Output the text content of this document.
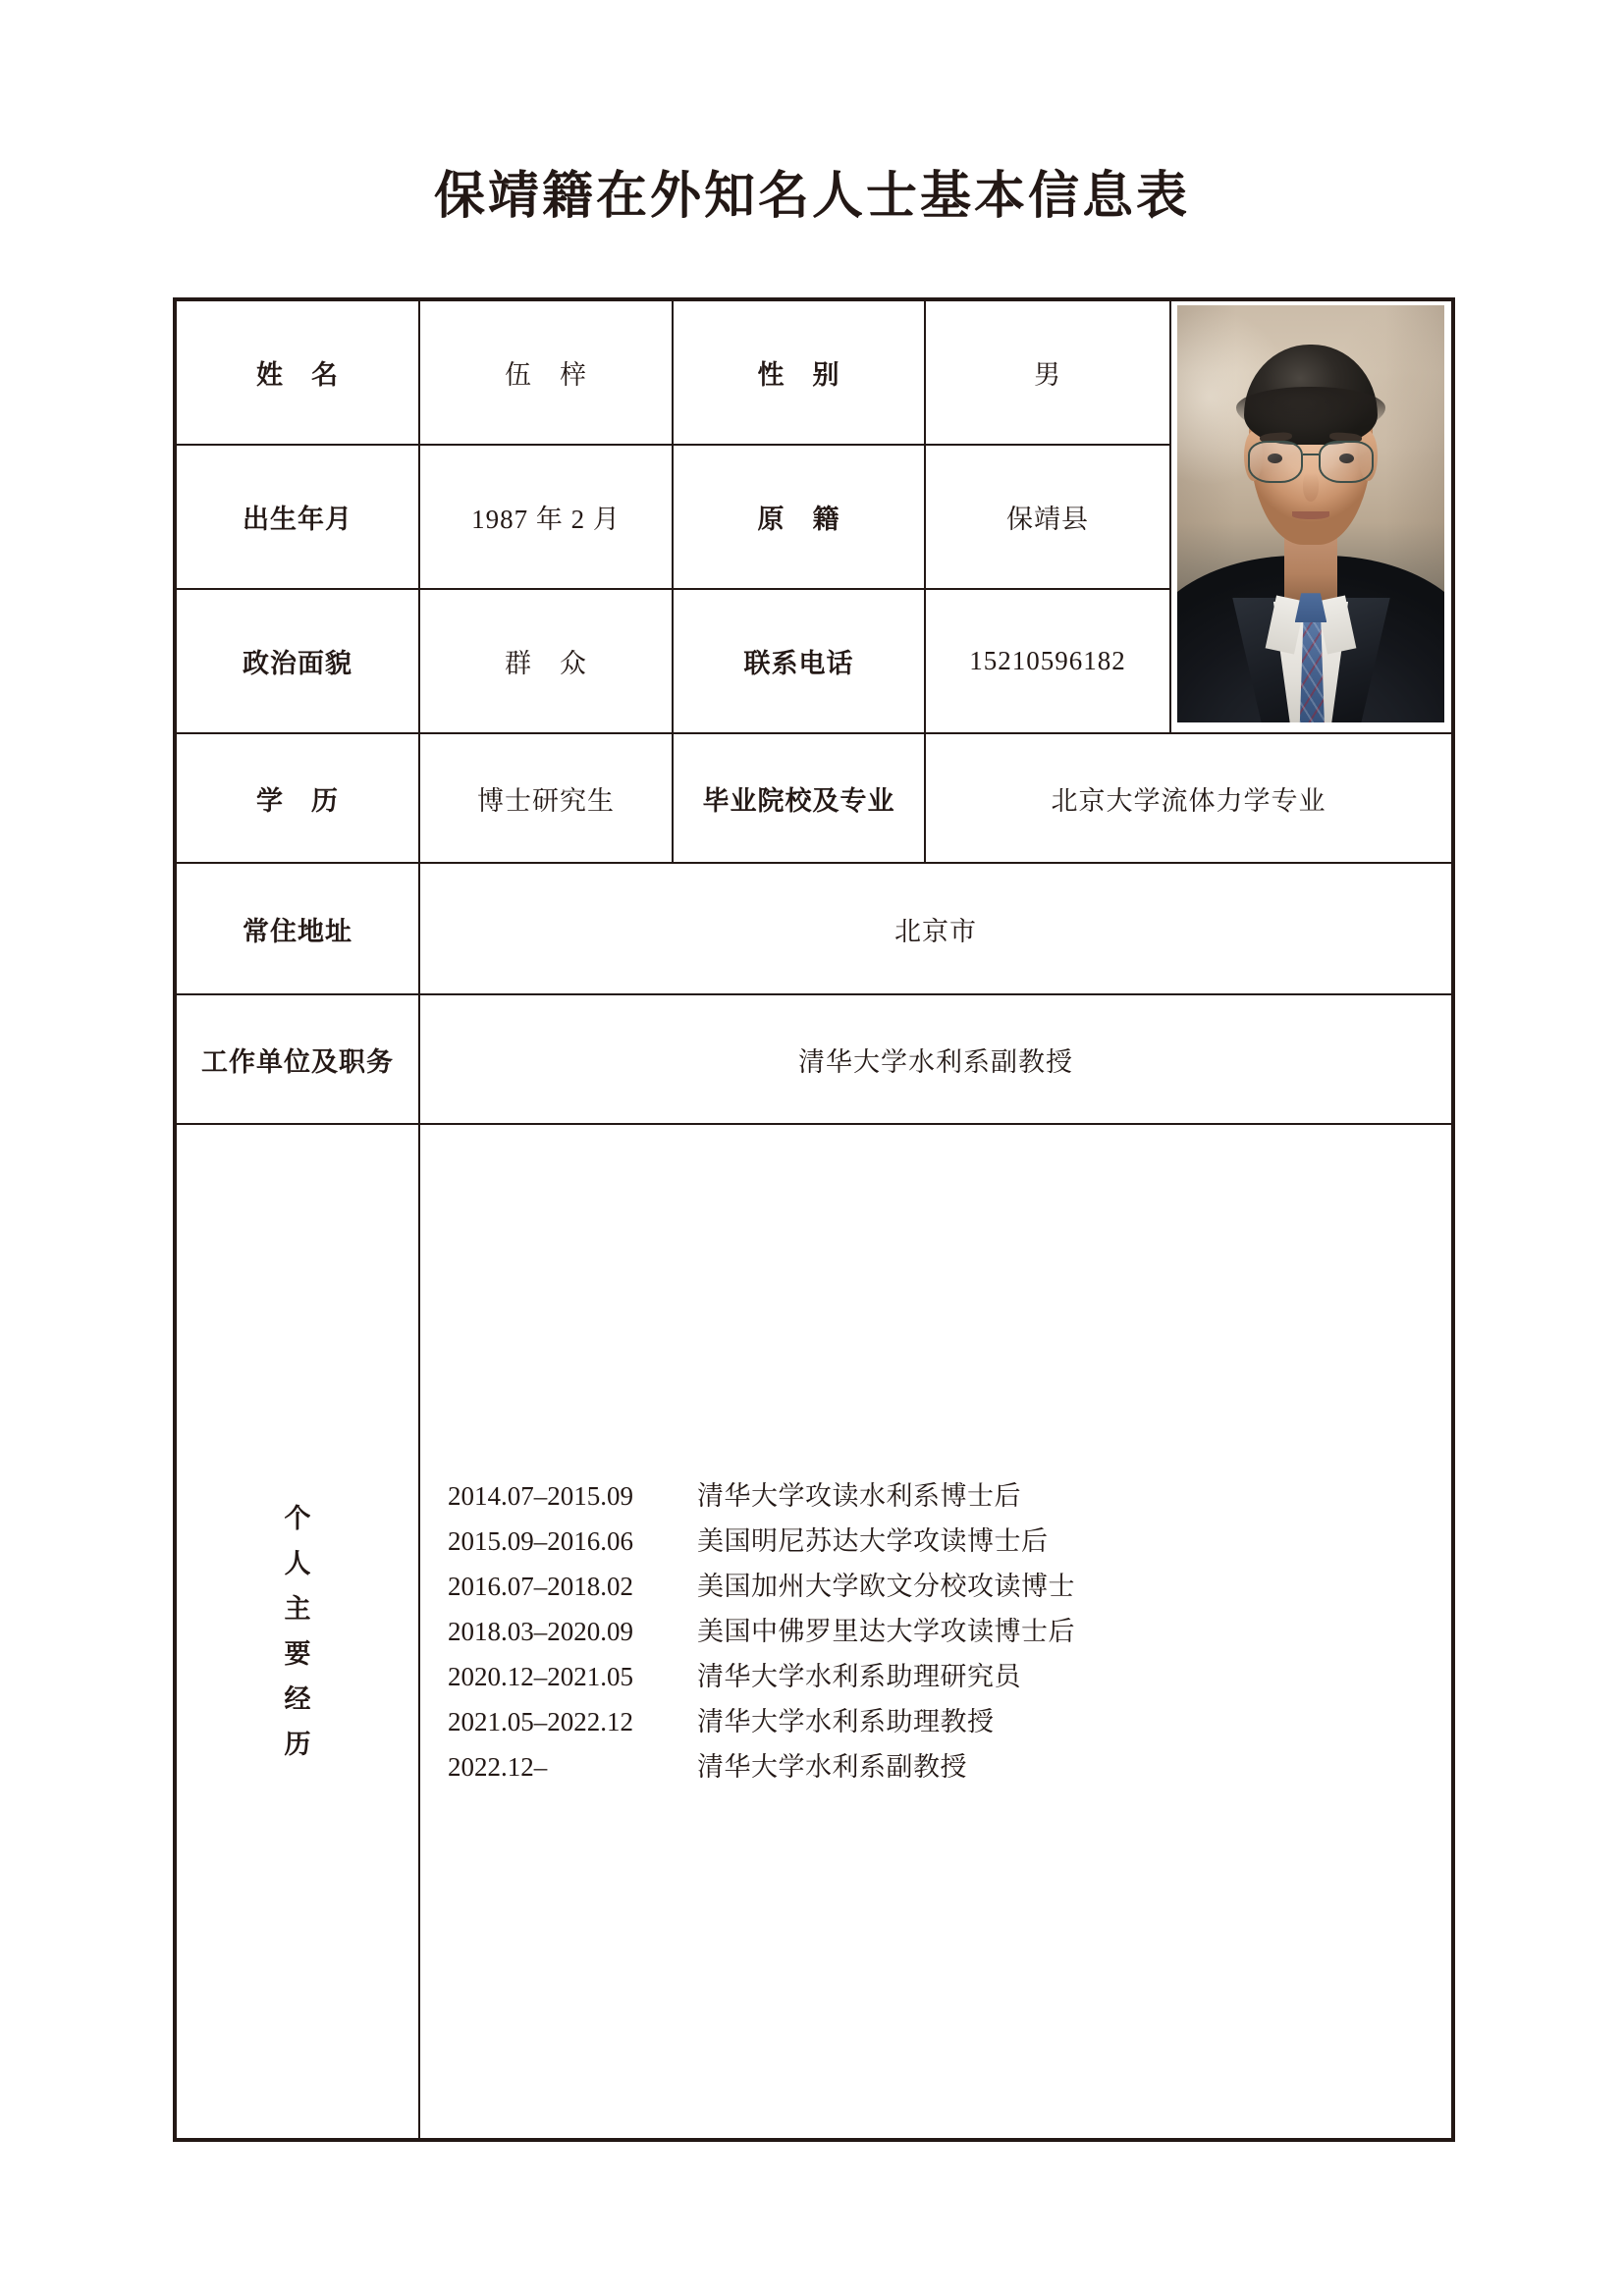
保靖籍在外知名人士基本信息表
姓　名	伍　梓	性　别	男	

出生年月	1987 年 2 月	原　籍	保靖县	
政治面貌	群　众	联系电话	15210596182	
学　历	博士研究生	毕业院校及专业	北京大学流体力学专业	
常住地址	北京市			
工作单位及职务	清华大学水利系副教授			

个
人
主
要
经
历

2014.07–2015.09	清华大学攻读水利系博士后
2015.09–2016.06	美国明尼苏达大学攻读博士后
2016.07–2018.02	美国加州大学欧文分校攻读博士
2018.03–2020.09	美国中佛罗里达大学攻读博士后
2020.12–2021.05	清华大学水利系助理研究员
2021.05–2022.12	清华大学水利系助理教授
2022.12–	清华大学水利系副教授
